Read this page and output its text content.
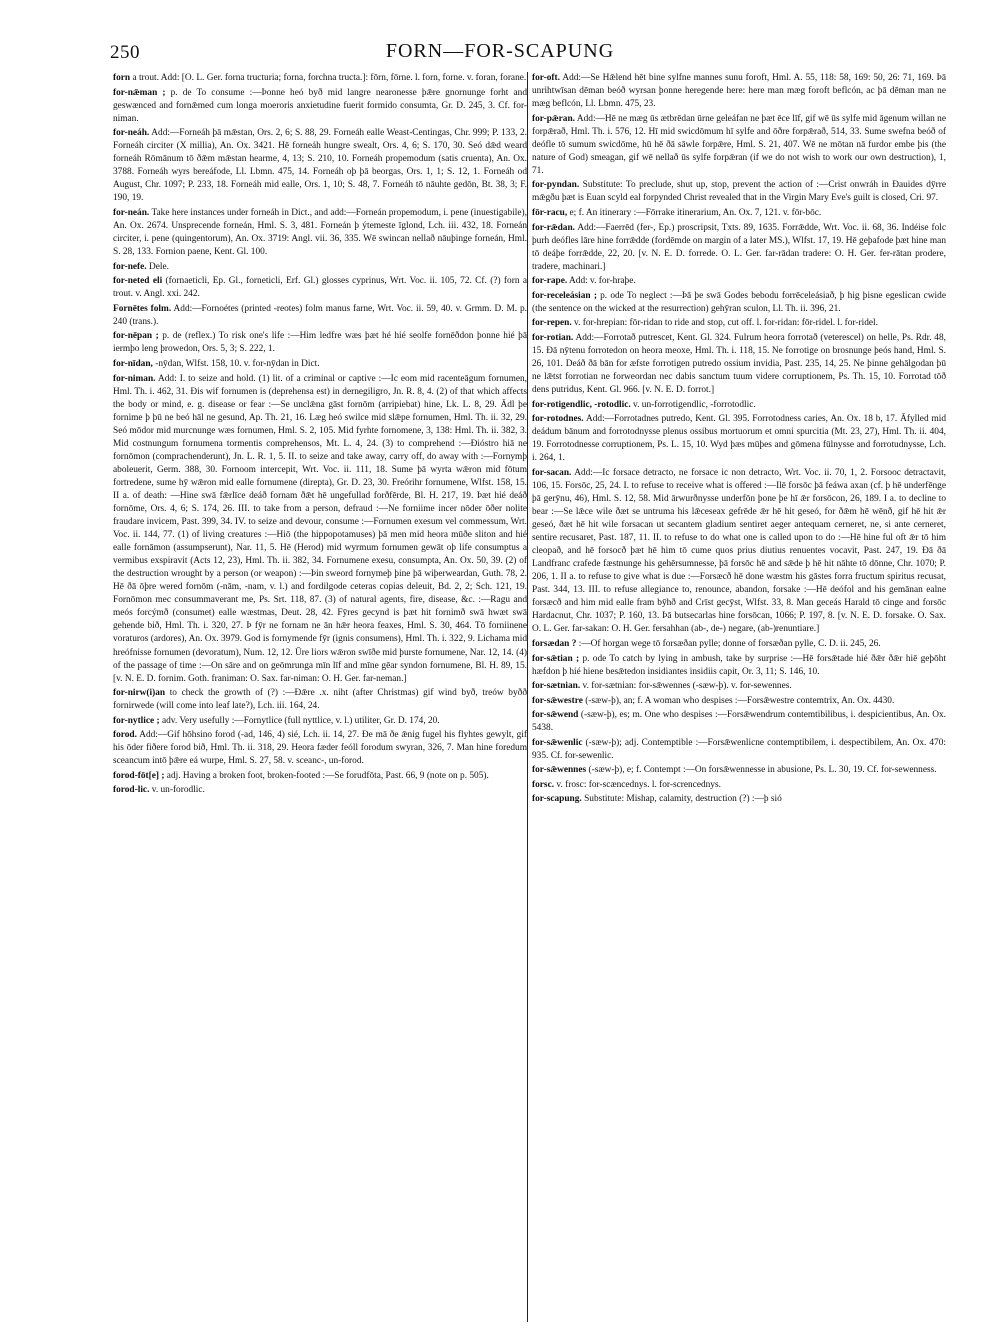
250	FORN—FOR-SCAPUNG

forn a trout. Add: [O. L. Ger. forna tructuria; forna, forchna tructa.]: fōrn, fōrne. l. forn, forne. v. foran, forane.

for-nǣman ; p. de To consume :—Þonne heó byð mid langre nearonesse þǣre gnornunge forht and geswænced and fornǣmed cum longa moeroris anxietudine fuerit formido consumta, Gr. D. 245, 3. Cf. for-niman.

for-neáh. Add:—Forneáh þā mǣstan, Ors. 2, 6; S. 88, 29. Forneáh ealle Weast-Centingas, Chr. 999; P. 133, 2. Forneáh circiter (X millia), An. Ox. 3421. Hē forneáh hungre swealt, Ors. 4, 6; S. 170, 30. Seó dǣd weard forneáh Rōmānum tō ðǣm mǣstan hearme, 4, 13; S. 210, 10. Forneáh propemodum (satis cruenta), An. Ox. 3788. Forneáh wyrs bereáfode, Ll. Lbmn. 475, 14. Forneáh oþ þā beorgas, Ors. 1, 1; S. 12, 1. Forneáh od August, Chr. 1097; P. 233, 18. Forneáh mid ealle, Ors. 1, 10; S. 48, 7. Forneáh tō nāuhte gedōn, Bt. 38, 3; F. 190, 19.

for-neán. Take here instances under forneáh in Dict., and add:—Forneán propemodum, i. pene (inuestigabile), An. Ox. 2674. Unsprecende forneán, Hml. S. 3, 481. Forneán þ ýtemeste īglond, Lch. iii. 432, 18. Forneán circiter, i. pene (quingentorum), An. Ox. 3719: Angl. vii. 36, 335. Wē swincan nellað nāuþinge forneán, Hml. S. 28, 133. Fornion paene, Kent. Gl. 100.

for-nefe. Dele.

for-neted eli (fornaeticli, Ep. Gl., forneticli, Erf. Gl.) glosses cyprinus, Wrt. Voc. ii. 105, 72. Cf. (?) forn a trout. v. Angl. xxi. 242.

Fornētes folm. Add:—Fornoétes (printed -reotes) folm manus farne, Wrt. Voc. ii. 59, 40. v. Grmm. D. M. p. 240 (trans.).

for-nēpan ; p. de (reflex.) To risk one's life :—Him ledfre wæs þæt hé hié seolfe fornēðdon þonne hié þā iermþo leng þrowedon, Ors. 5, 3; S. 222, 1.

for-nīdan, -nȳdan, Wlfst. 158, 10. v. for-nȳdan in Dict.

for-niman. Add: I. to seize and hold. (1) lit. of a criminal or captive :—Ic eom mid racenteāgum fornumen, Hml. Th. i. 462, 31. Ðis wif fornumen is (deprehensa est) in dernegiligro, Jn. R. 8, 4. (2) of that which affects the body or mind, e. g. disease or fear :—Se unclǣna gāst fornōm (arripiebat) hine, Lk. L. 8, 29. Ādl þe fornime þ þū ne beó hāl ne gesund, Ap. Th. 21, 16. Læg heó swilce mid slǣpe fornumen, Hml. Th. ii. 32, 29. Seó mōdor mid murcnunge wæs fornumen, Hml. S. 2, 105. Mid fyrhte fornomene, 3, 138: Hml. Th. ii. 382, 3. Mid costnungum fornumena tormentis comprehensos, Mt. L. 4, 24. (3) to comprehend :—Ðióstro hiā ne fornōmon (comprachenderunt), Jn. L. R. 1, 5. II. to seize and take away, carry off, do away with :—Fornymþ aboleuerit, Germ. 388, 30. Fornoom intercepit, Wrt. Voc. ii. 111, 18. Sume þā wyrta wǣron mid fōtum fortredene, sume hȳ wǣron mid ealle fornumene (direpta), Gr. D. 23, 30. Freórihr fornumene, Wlfst. 158, 15. II a. of death: —Hine swā fǣrlīce deáð fornam ðǣt hē ungefullad forðfērde, Bl. H. 217, 19. Þæt hié deáð fornōme, Ors. 4, 6; S. 174, 26. III. to take from a person, defraud :—Ne forniime incer nōder ōðer nolite fraudare invicem, Past. 399, 34. IV. to seize and devour, consume :—Fornumen exesum vel commessum, Wrt. Voc. ii. 144, 77. (1) of living creatures :—Hiō (the hippopotamuses) þā men mid heora mūðe sliton and hié ealle fornāmon (assumpserunt), Nar. 11, 5. Hē (Herod) mid wyrmum fornumen gewāt oþ life consumptus a vermibus exspiravit (Acts 12, 23), Hml. Th. ii. 382, 34. Fornumene exesu, consumpta, An. Ox. 50, 39. (2) of the destruction wrought by a person (or weapon) :—Þin sweord fornymeþ þine þā wiþerweardan, Guth. 78, 2. Hē ðā ōþre wered fornōm (-nām, -nam, v. l.) and fordilgode ceteras copias deleuit, Bd. 2, 2; Sch. 121, 19. Fornōmon mec consummaverant me, Ps. Srt. 118, 87. (3) of natural agents, fire, disease, &c. :—Ragu and meós forcýmð (consumet) ealle wæstmas, Deut. 28, 42. Fȳres gecynd is þæt hit fornimð swā hwæt swā gehende bið, Hml. Th. i. 320, 27. Þ fȳr ne fornam ne ān hǣr heora feaxes, Hml. S. 30, 464. Tō forniinene voraturos (ardores), An. Ox. 3979. God is fornymende fȳr (ignis consumens), Hml. Th. i. 322, 9. Lichama mid hreófnisse fornumen (devoratum), Num. 12, 12. Ūre liors wǣron swīðe mid þurste fornumene, Nar. 12, 14. (4) of the passage of time :—On sāre and on geōmrunga mīn līf and mīne gēar syndon fornumene, Bl. H. 89, 15. [v. N. E. D. fornim. Goth. franiman: O. Sax. far-niman: O. H. Ger. far-neman.]

for-nirw(i)an to check the growth of (?) :—Ðǣre .x. niht (after Christmas) gif wind byð, treów byðð fornirwede (will come into leaf late?), Lch. iii. 164, 24.

for-nytlice ; adv. Very usefully :—Fornytlice (full nyttlice, v. l.) utiliter, Gr. D. 174, 20.

forod. Add:—Gif hōhsino forod (-ad, 146, 4) sié, Lch. ii. 14, 27. Ðe mā ðe ǣnig fugel his flyhtes gewylt, gif his ōder fiðere forod bið, Hml. Th. ii. 318, 29. Heora fæder feóll forodum swyran, 326, 7. Man hine foredum sceancum intō þǣre eá wurpe, Hml. S. 27, 58. v. sceanc-, un-forod.

forod-fōt[e] ; adj. Having a broken foot, broken-footed :—Se forudfōta, Past. 66, 9 (note on p. 505).

forod-lic. v. un-forodlic.

for-oft. Add:—Se Hǣlend hēt bine sylfne mannes sunu foroft, Hml. A. 55, 118: 58, 169: 50, 26: 71, 169. Þā unrihtwīsan dēman beóð wyrsan þonne heregende here: here man mæg foroft beflcón, ac þā dēman man ne mæg beflcón, Ll. Lbmn. 475, 23.

for-pǣran. Add:—Hē ne mæg ūs ætbrēdan ūrne geleáfan ne þæt ēce līf, gif wē ūs sylfe mid āgenum willan ne forpǣrað, Hml. Th. i. 576, 12. Hī mid swicdōmum hī sylfe and ōðre forpǣrað, 514, 33. Sume swefna beóð of deófle tō sumum swicdōme, hū hē ðā sāwle forpǣre, Hml. S. 21, 407. Wē ne mōtan nā furdor embe þis (the nature of God) smeagan, gif wē nellað ūs sylfe forpǣran (if we do not wish to work our own destruction), 1, 71.

for-pyndan. Substitute: To preclude, shut up, stop, prevent the action of :—Crist onwráh in Ðauides dȳrre mǣgðu þæt is Euan scyld eal forpynded Christ revealed that in the Virgin Mary Eve's guilt is closed, Cri. 97.

fōr-racu, e; f. An itinerary :—Fōrrake itinerarium, An. Ox. 7, 121. v. fōr-bōc.

for-rǣdan. Add:—Faerrēd (fer-, Ep.) proscripsit, Txts. 89, 1635. Forrǣdde, Wrt. Voc. ii. 68, 36. Indéise folc þurh deófles lāre hine forrǣdde (fordēmde on margin of a later MS.), Wlfst. 17, 19. Hē geþafode þæt hine man tō deáþe forrǣdde, 22, 20. [v. N. E. D. forrede. O. L. Ger. far-rādan tradere: O. H. Ger. fer-rātan prodere, tradere, machinari.]

for-rape. Add: v. for-hraþe.

for-receleásian ; p. ode To neglect :—Þā þe swā Godes bebodu forrēceleásiað, þ hig þisne egeslican cwide (the sentence on the wicked at the resurrection) gehȳran sculon, Ll. Th. ii. 396, 21.

for-repen. v. for-hrepian: fōr-ridan to ride and stop, cut off. l. for-ridan: fōr-ridel. l. for-ridel.

for-rotian. Add:—Forrotað putrescet, Kent. Gl. 324. Fulrum heora forrotað (veterescel) on helle, Ps. Rdr. 48, 15. Ðā nȳtenu forrotedon on heora meoxe, Hml. Th. i. 118, 15. Ne forrotige on brosnunge þeós hand, Hml. S. 26, 101. Deáð ðā bān for æfste forrotigen putredo ossium invidia, Past. 235, 14, 25. Ne þinne gehālgodan þū ne lǣtst forrotian ne forweordan nec dabis sanctum tuum videre corruptionem, Ps. Th. 15, 10. Forrotad tōð dens putridus, Kent. Gl. 966. [v. N. E. D. forrot.]

for-rotigendlic, -rotodlic. v. un-forrotigendlic, -forrotodlic.

for-rotodnes. Add:—Forrotadnes putredo, Kent. Gl. 395. Forrotodness caries, An. Ox. 18 b, 17. Āfylled mid deádum bānum and forrotodnysse plenus ossibus mortuorum et omni spurcitia (Mt. 23, 27), Hml. Th. ii. 404, 19. Forrotodnesse corruptionem, Ps. L. 15, 10. Wyd þæs mūþes and gōmena fūlnysse and forrotudnysse, Lch. i. 264, 1.

for-sacan. Add:—Ic forsace detracto, ne forsace ic non detracto, Wrt. Voc. ii. 70, 1, 2. Forsooc detractavit, 106, 15. Forsōc, 25, 24. I. to refuse to receive what is offered :—Ilē forsōc þā feáwa axan (cf. þ hē underfēnge þā gerȳnu, 46), Hml. S. 12, 58. Mid ārwurðnysse underfōn þone þe hī ǣr forsōcon, 26, 189. I a. to decline to bear :—Se lǣce wile ðæt se untruma his lǣceseax gefrēde ǣr hē hit geseó, for ðǣm hē wēnð, gif hē hit ǣr geseó, ðæt hē hit wile forsacan ut secantem gladium sentiret aeger antequam cerneret, ne, si ante cerneret, sentire recusaret, Past. 187, 11. II. to refuse to do what one is called upon to do :—Hē hine ful oft ǣr tō him cleopað, and hē forsocð þæt hē him tō cume quos prius diutius renuentes vocavit, Past. 247, 19. Ðā ðā Landfranc crafede fæstnunge his gehērsumnesse, þā forsōc hē and sǣde þ hē hit nāhte tō dōnne, Chr. 1070; P. 206, 1. II a. to refuse to give what is due :—Forsæcð hē done wæstm his gāstes forra fructum spiritus recusat, Past. 344, 13. III. to refuse allegiance to, renounce, abandon, forsake :—Hē deófol and his gemānan ealne forsæcð and him mid ealle fram bȳhð and Crīst gecȳst, Wlfst. 33, 8. Man geceás Harald tō cinge and forsōc Hardacnut, Chr. 1037; P. 160, 13. Þā butsecarlas hine forsōcan, 1066; P. 197, 8. [v. N. E. D. forsake. O. Sax. O. L. Ger. far-sakan: O. H. Ger. fersahhan (ab-, de-) negare, (ab-)renuntiare.]

forsædan ? :—Of horgan wege tō forsæðan pylle; donne of forsæðan pylle, C. D. ii. 245, 26.

for-sǣtian ; p. ode To catch by lying in ambush, take by surprise :—Hē forsǣtade hié ðǣr ðǣr hiē geþōht hæfdon þ hié hiene besǣtedon insidiantes insidiis capit, Or. 3, 11; S. 146, 10.

for-sætnian. v. for-sætnian: for-sǣwennes (-sæw-þ). v. for-sewennes.

for-sǣwestre (-sæw-þ), an; f. A woman who despises :—Forsǣwestre contemtrix, An. Ox. 4430.

for-sǣwend (-sæw-þ), es; m. One who despises :—Forsǣwendrum contemtibilibus, i. despicientibus, An. Ox. 5438.

for-sǣwenlic (-sæw-þ); adj. Contemptible :—Forsǣwenlicne contemptibilem, i. despectibilem, An. Ox. 470: 935. Cf. for-sewenlic.

for-sǣwennes (-sæw-þ), e; f. Contempt :—On forsǣwennesse in abusione, Ps. L. 30, 19. Cf. for-sewenness.

forsc. v. frosc: for-scæncednys. l. for-screncednys.

for-scapung. Substitute: Mishap, calamity, destruction (?) :—þ sió
